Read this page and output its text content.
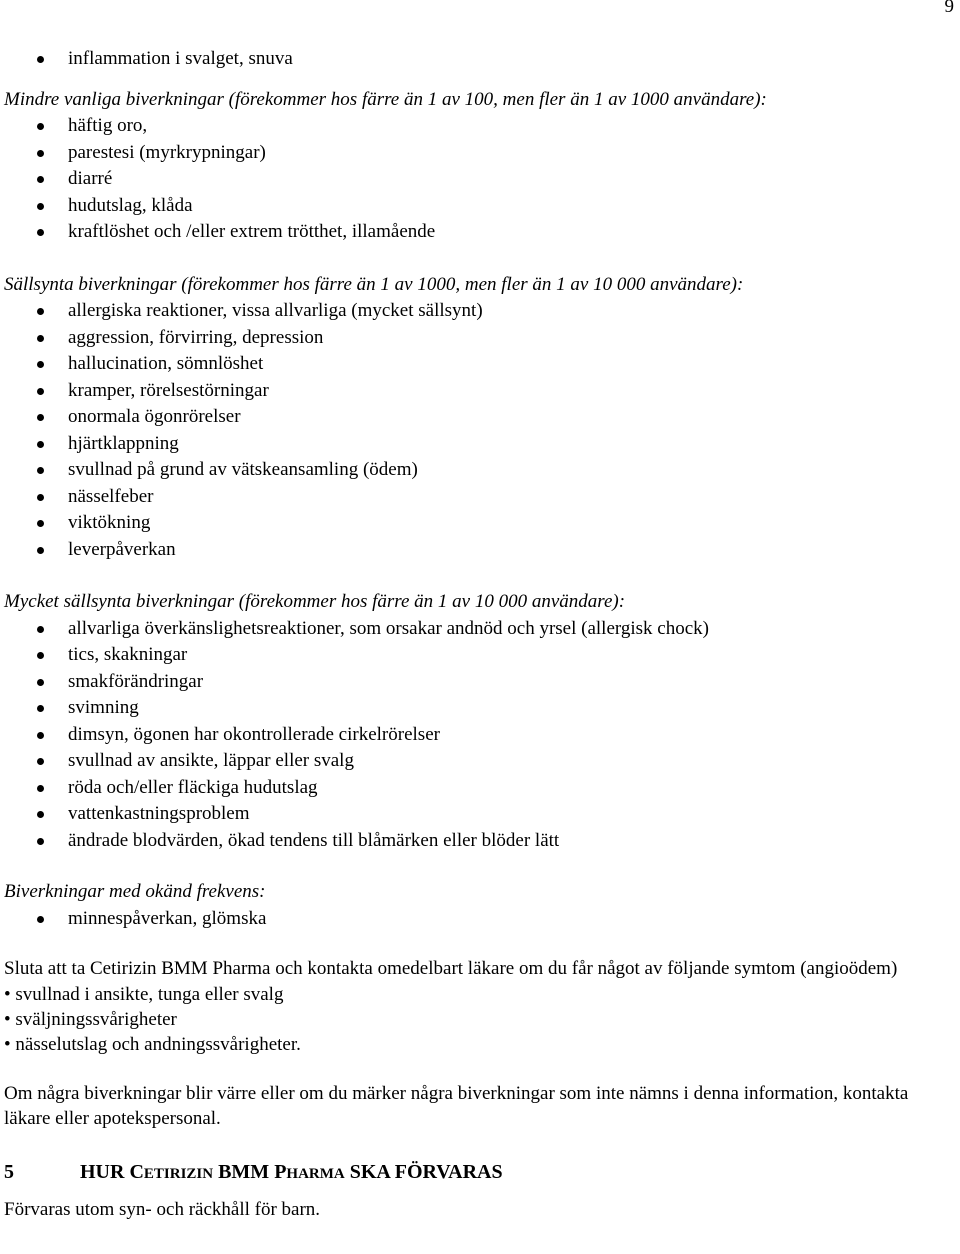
9
inflammation i svalget, snuva

Mindre vanliga biverkningar (förekommer hos färre än 1 av 100, men fler än 1 av 1000 användare):

häftig oro,
parestesi (myrkrypningar)
diarré
hudutslag, klåda
kraftlöshet och /eller extrem trötthet, illamående

Sällsynta biverkningar (förekommer hos färre än 1 av 1000, men fler än 1 av 10 000 användare):

allergiska reaktioner, vissa allvarliga (mycket sällsynt)
aggression, förvirring, depression
hallucination, sömnlöshet
kramper, rörelsestörningar
onormala ögonrörelser
hjärtklappning
svullnad på grund av vätskeansamling (ödem)
nässelfeber
viktökning
leverpåverkan

Mycket sällsynta biverkningar (förekommer hos färre än 1 av 10 000 användare):

allvarliga överkänslighetsreaktioner, som orsakar andnöd och yrsel (allergisk chock)
tics, skakningar
smakförändringar
svimning
dimsyn, ögonen har okontrollerade cirkelrörelser
svullnad av ansikte, läppar eller svalg
röda och/eller fläckiga hudutslag
vattenkastningsproblem
ändrade blodvärden, ökad tendens till blåmärken eller blöder lätt

Biverkningar med okänd frekvens:

minnespåverkan, glömska

Sluta att ta Cetirizin BMM Pharma och kontakta omedelbart läkare om du får något av följande symtom (angioödem)

• svullnad i ansikte, tunga eller svalg
• sväljningssvårigheter
• nässelutslag och andningssvårigheter.

Om några biverkningar blir värre eller om du märker några biverkningar som inte nämns i denna information, kontakta läkare eller apotekspersonal.

5	HUR CETIRIZIN BMM PHARMA SKA FÖRVARAS

Förvaras utom syn- och räckhåll för barn.
